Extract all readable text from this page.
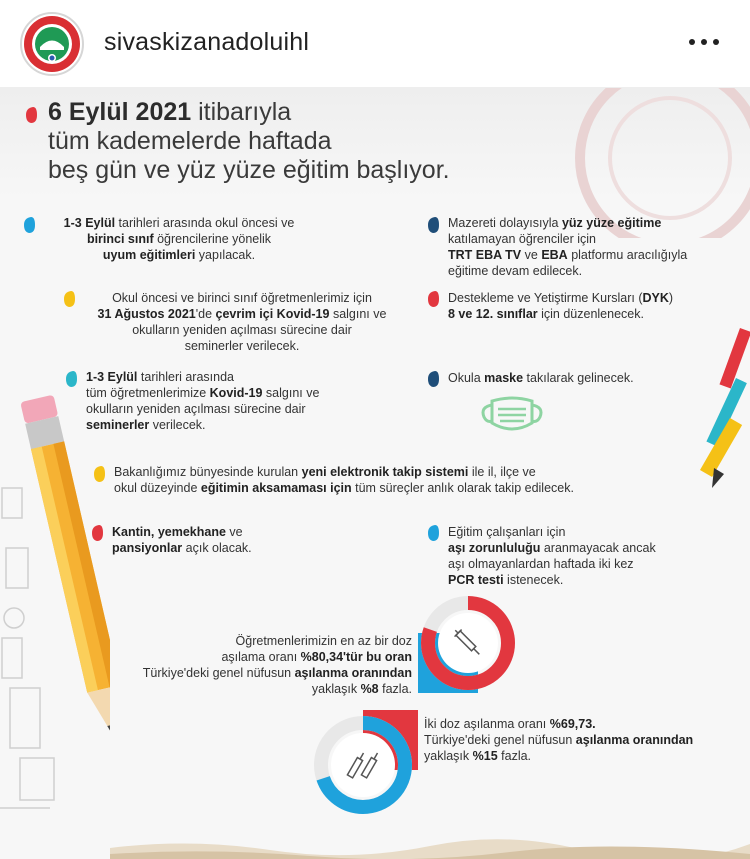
sivaskizanadoluihl
6 Eylül 2021 itibarıyla
tüm kademelerde haftada
beş gün ve yüz yüze eğitim başlıyor.
1-3 Eylül tarihleri arasında okul öncesi ve
birinci sınıf öğrencilerine yönelik
uyum eğitimleri yapılacak.
Mazereti dolayısıyla yüz yüze eğitime
katılamayan öğrenciler için
TRT EBA TV ve EBA platformu aracılığıyla
eğitime devam edilecek.
Okul öncesi ve birinci sınıf öğretmenlerimiz için
31 Ağustos 2021'de çevrim içi Kovid-19 salgını ve
okulların yeniden açılması sürecine dair
seminerler verilecek.
Destekleme ve Yetiştirme Kursları (DYK)
8 ve 12. sınıflar için düzenlenecek.
1-3 Eylül tarihleri arasında
tüm öğretmenlerimize Kovid-19 salgını ve
okulların yeniden açılması sürecine dair
seminerler verilecek.
Okula maske takılarak gelinecek.
Bakanlığımız bünyesinde kurulan yeni elektronik takip sistemi ile il, ilçe ve
okul düzeyinde eğitimin aksamaması için tüm süreçler anlık olarak takip edilecek.
Kantin, yemekhane ve
pansiyonlar açık olacak.
Eğitim çalışanları için
aşı zorunluluğu aranmayacak ancak
aşı olmayanlardan haftada iki kez
PCR testi istenecek.
Öğretmenlerimizin en az bir doz
aşılama oranı %80,34'tür bu oran
Türkiye'deki genel nüfusun aşılanma oranından
yaklaşık %8 fazla.
İki doz aşılanma oranı %69,73.
Türkiye'deki genel nüfusun aşılanma oranından
yaklaşık %15 fazla.
